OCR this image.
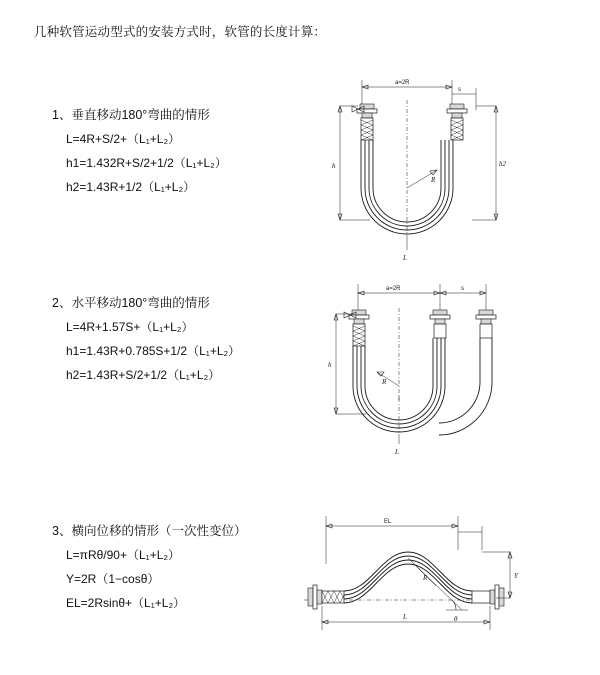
几种软管运动型式的安装方式时，软管的长度计算：
1、垂直移动180°弯曲的情形
L=4R+S/2+（L₁+L₂）
h1=1.432R+S/2+1/2（L₁+L₂）
h2=1.43R+1/2（L₁+L₂）
a=2R
s
h	h2
R
L
2、水平移动180°弯曲的情形
L=4R+1.57S+（L₁+L₂）
h1=1.43R+0.785S+1/2（L₁+L₂）
h2=1.43R+S/2+1/2（L₁+L₂）
a=2R	s
h
R
L
3、横向位移的情形（一次性变位）
L=πRθ/90+（L₁+L₂）
Y=2R（1−cosθ）
EL=2Rsinθ+（L₁+L₂）
EL
Y
θ
R
L
